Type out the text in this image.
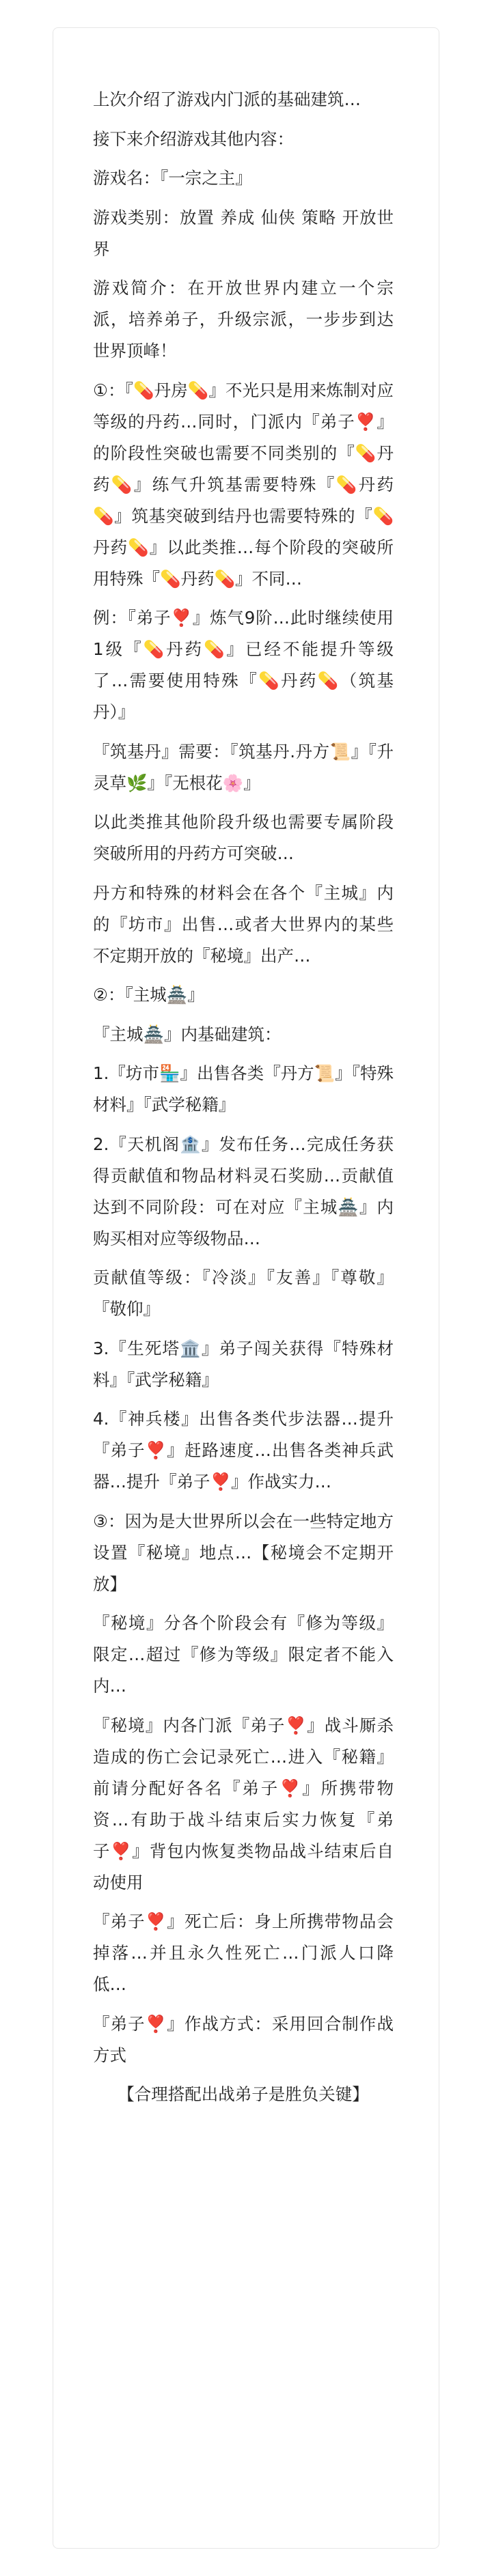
上次介绍了游戏内门派的基础建筑…

接下来介绍游戏其他内容：

游戏名：『一宗之主』

游戏类别：放置 养成 仙侠 策略 开放世界

游戏简介：在开放世界内建立一个宗派，培养弟子，升级宗派，一步步到达世界顶峰！

①：『💊丹房💊』不光只是用来炼制对应等级的丹药…同时，门派内『弟子❣️』的阶段性突破也需要不同类别的『💊丹药💊』练气升筑基需要特殊『💊丹药💊』筑基突破到结丹也需要特殊的『💊丹药💊』以此类推…每个阶段的突破所用特殊『💊丹药💊』不同…

例：『弟子❣️』炼气9阶…此时继续使用1级『💊丹药💊』已经不能提升等级了…需要使用特殊『💊丹药💊（筑基丹）』

『筑基丹』需要：『筑基丹.丹方📜』『升灵草🌿』『无根花🌸』

以此类推其他阶段升级也需要专属阶段突破所用的丹药方可突破…

丹方和特殊的材料会在各个『主城』内的『坊市』出售…或者大世界内的某些不定期开放的『秘境』出产…

②：『主城🏯』

『主城🏯』内基础建筑：

1.『坊市🏪』出售各类『丹方📜』『特殊材料』『武学秘籍』

2.『天机阁🏦』发布任务…完成任务获得贡献值和物品材料灵石奖励…贡献值达到不同阶段：可在对应『主城🏯』内购买相对应等级物品…

贡献值等级：『冷淡』『友善』『尊敬』『敬仰』

3.『生死塔🏛️』弟子闯关获得『特殊材料』『武学秘籍』

4.『神兵楼』出售各类代步法器…提升『弟子❣️』赶路速度…出售各类神兵武器…提升『弟子❣️』作战实力…

③：因为是大世界所以会在一些特定地方设置『秘境』地点…【秘境会不定期开放】

『秘境』分各个阶段会有『修为等级』限定…超过『修为等级』限定者不能入内…

『秘境』内各门派『弟子❣️』战斗厮杀造成的伤亡会记录死亡…进入『秘籍』前请分配好各名『弟子❣️』所携带物资…有助于战斗结束后实力恢复『弟子❣️』背包内恢复类物品战斗结束后自动使用

『弟子❣️』死亡后：身上所携带物品会掉落…并且永久性死亡…门派人口降低…

『弟子❣️』作战方式：采用回合制作战方式

【合理搭配出战弟子是胜负关键】
